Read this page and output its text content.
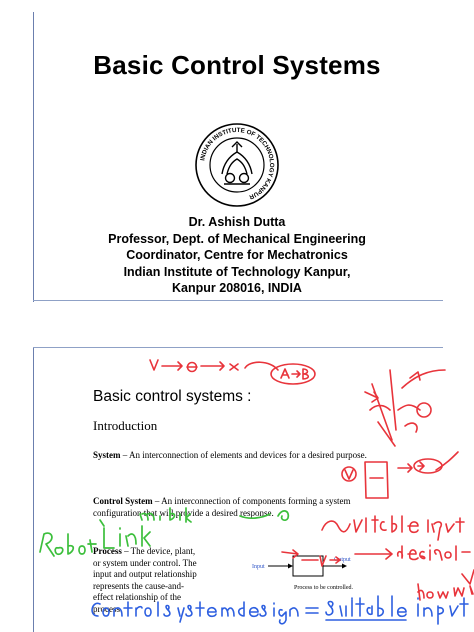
Basic Control Systems
INDIAN INSTITUTE OF TECHNOLOGY KANPUR
Dr. Ashish Dutta
Professor, Dept. of Mechanical Engineering
Coordinator, Centre for Mechatronics
Indian Institute of Technology Kanpur,
Kanpur 208016, INDIA
Basic control systems :
Introduction
System – An interconnection of elements and devices for a desired purpose.
Control System – An interconnection of components forming a system configuration that will provide a desired response.
Process – The device, plant, or system under control. The input and output relationship represents the cause-and-effect relationship of the process.
Input
Output
Process to be controlled.
